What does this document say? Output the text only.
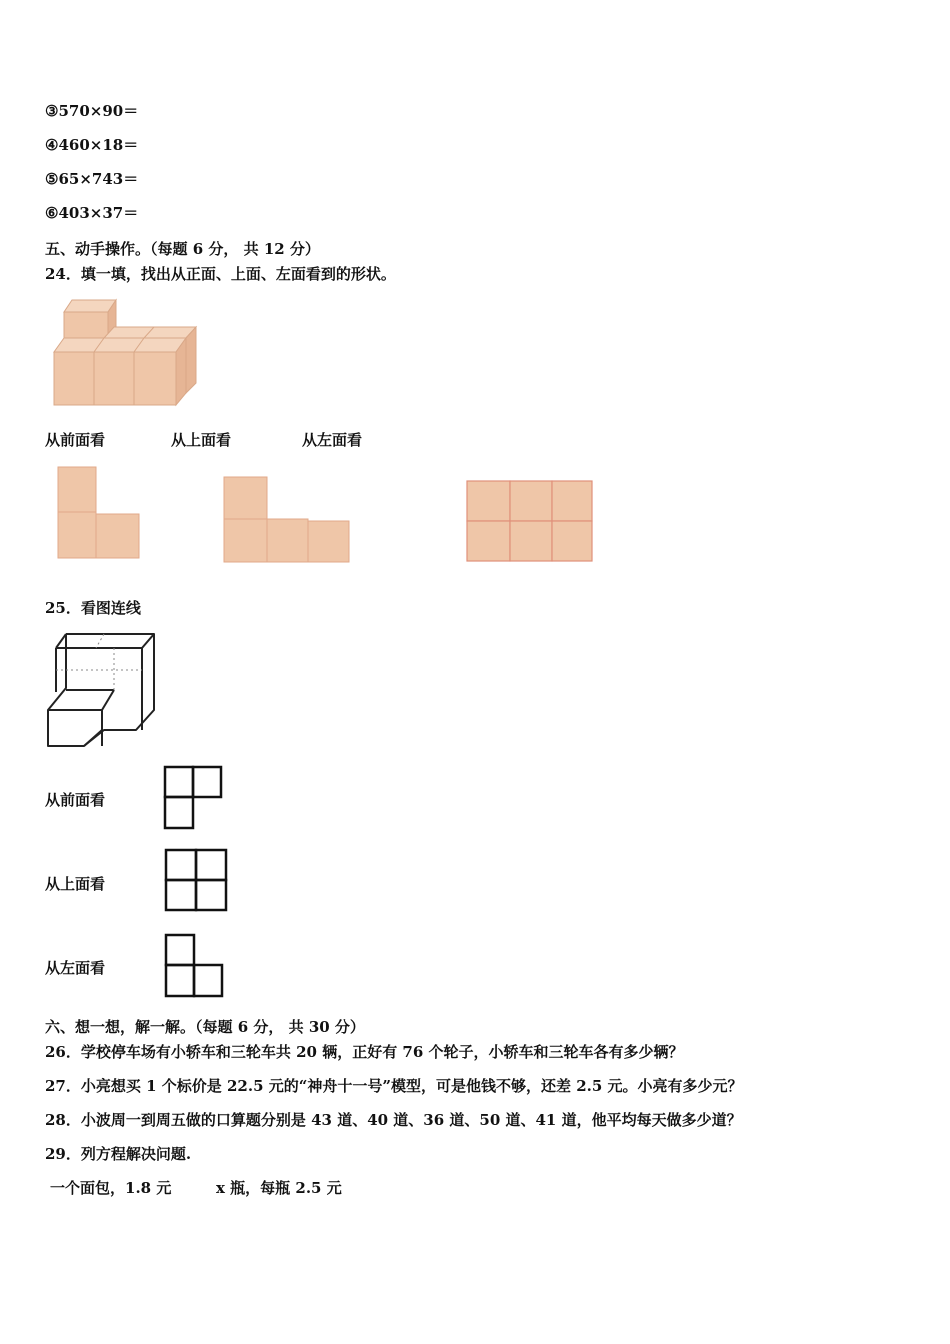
③570×90＝
④460×18＝
⑤65×743＝
⑥403×37＝
五、动手操作。（每题 6 分， 共 12 分）
24．填一填，找出从正面、上面、左面看到的形状。
从前面看	从上面看	从左面看
25．看图连线
从前面看
从上面看
从左面看
六、想一想，解一解。（每题 6 分， 共 30 分）
26．学校停车场有小轿车和三轮车共 20 辆，正好有 76 个轮子，小轿车和三轮车各有多少辆？
27．小亮想买 1 个标价是 22.5 元的“神舟十一号”模型，可是他钱不够，还差 2.5 元。小亮有多少元？
28．小波周一到周五做的口算题分别是 43 道、40 道、36 道、50 道、41 道，他平均每天做多少道？
29．列方程解决问题.
一个面包，1.8 元	x 瓶，每瓶 2.5 元
